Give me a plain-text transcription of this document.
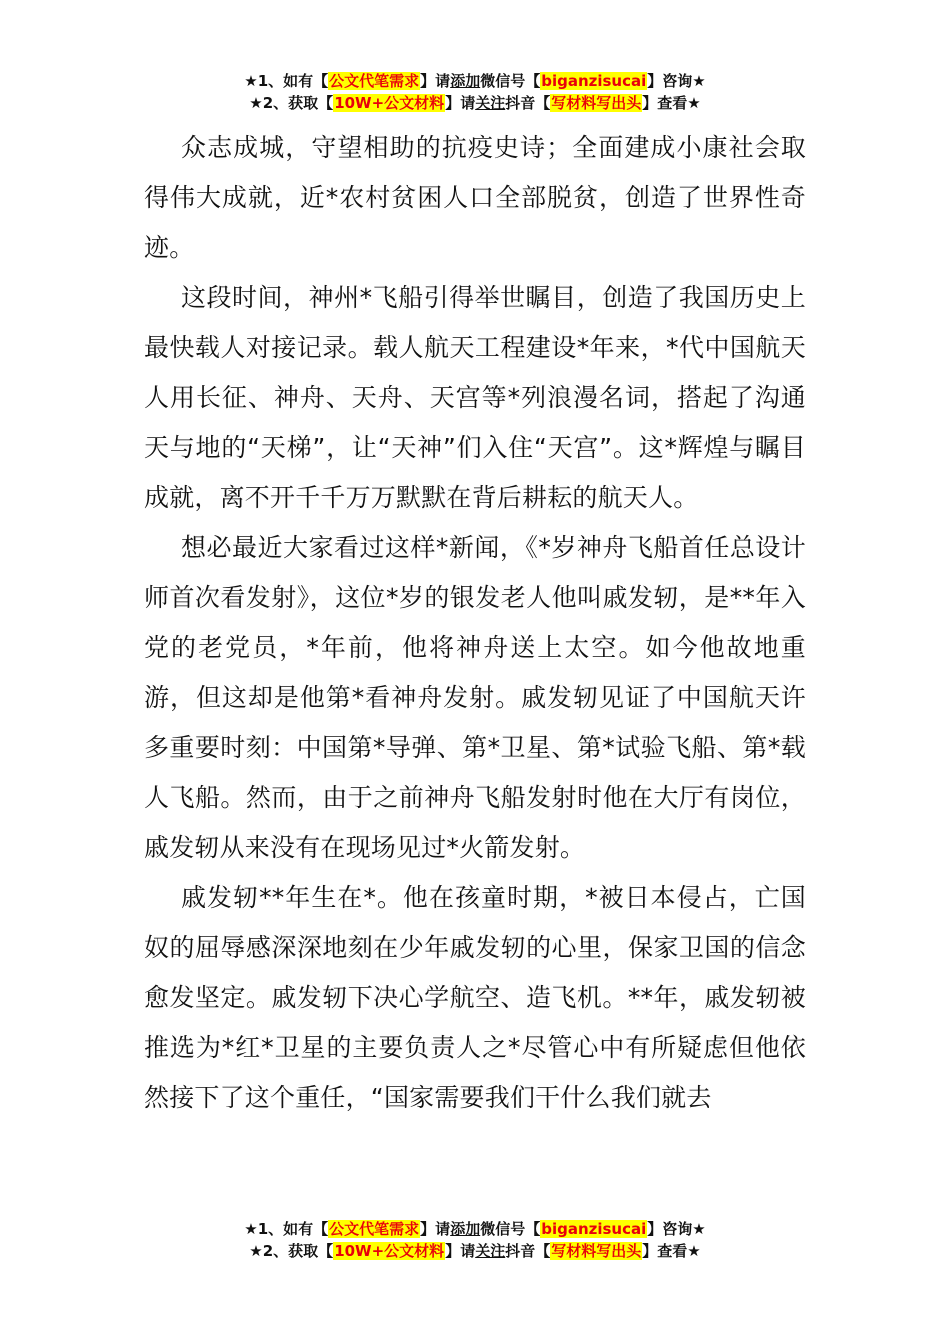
★1、如有【公文代笔需求】请添加微信号【biganzisucai】咨询★
★2、获取【10W+公文材料】请关注抖音【写材料写出头】查看★

众志成城，守望相助的抗疫史诗；全面建成小康社会取得伟大成就，近*农村贫困人口全部脱贫，创造了世界性奇迹。

这段时间，神州*飞船引得举世瞩目，创造了我国历史上最快载人对接记录。载人航天工程建设*年来，*代中国航天人用长征、神舟、天舟、天宫等*列浪漫名词，搭起了沟通天与地的“天梯”，让“天神”们入住“天宫”。这*辉煌与瞩目成就，离不开千千万万默默在背后耕耘的航天人。

想必最近大家看过这样*新闻，《*岁神舟飞船首任总设计师首次看发射》，这位*岁的银发老人他叫戚发轫，是**年入党的老党员，*年前，他将神舟送上太空。如今他故地重游，但这却是他第*看神舟发射。戚发轫见证了中国航天许多重要时刻：中国第*导弹、第*卫星、第*试验飞船、第*载人飞船。然而，由于之前神舟飞船发射时他在大厅有岗位，戚发轫从来没有在现场见过*火箭发射。

戚发轫**年生在*。他在孩童时期，*被日本侵占，亡国奴的屈辱感深深地刻在少年戚发轫的心里，保家卫国的信念愈发坚定。戚发轫下决心学航空、造飞机。**年，戚发轫被推选为*红*卫星的主要负责人之*尽管心中有所疑虑但他依然接下了这个重任，“国家需要我们干什么我们就去

★1、如有【公文代笔需求】请添加微信号【biganzisucai】咨询★
★2、获取【10W+公文材料】请关注抖音【写材料写出头】查看★
